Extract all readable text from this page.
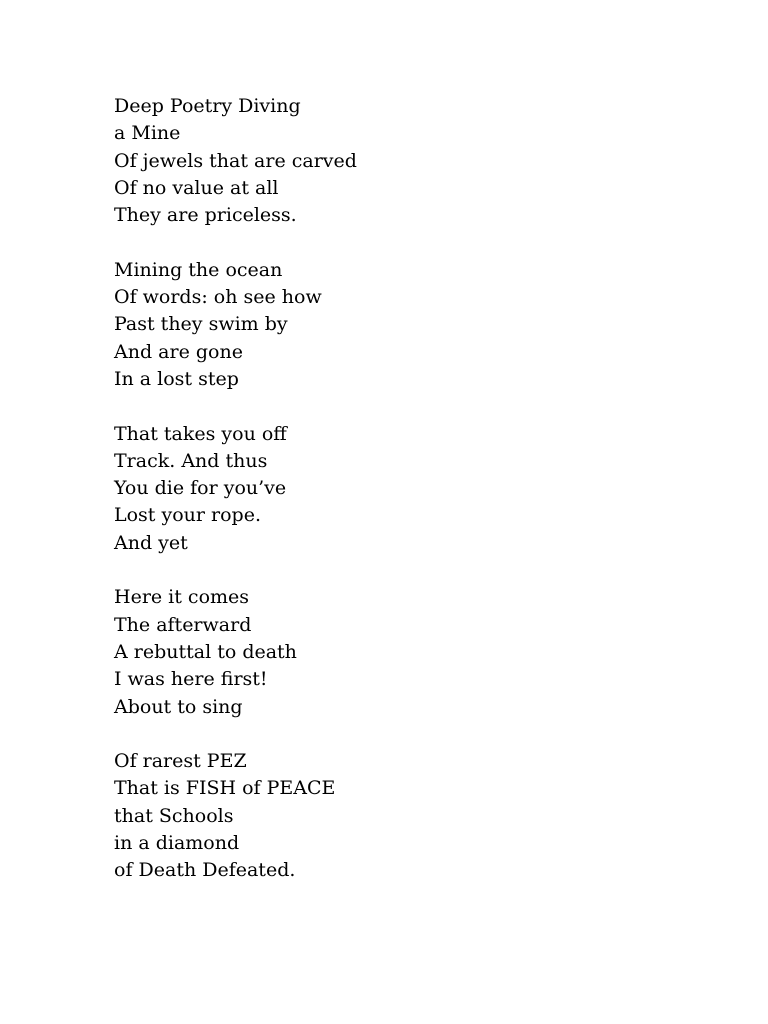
Deep Poetry Diving
a Mine
Of jewels that are carved
Of no value at all
They are priceless.
Mining the ocean
Of words: oh see how
Past they swim by
And are gone
In a lost step
That takes you off
Track. And thus
You die for you’ve
Lost your rope.
And yet
Here it comes
The afterward
A rebuttal to death
I was here first!
About to sing
Of rarest PEZ
That is FISH of PEACE
that Schools
in a diamond
of Death Defeated.
